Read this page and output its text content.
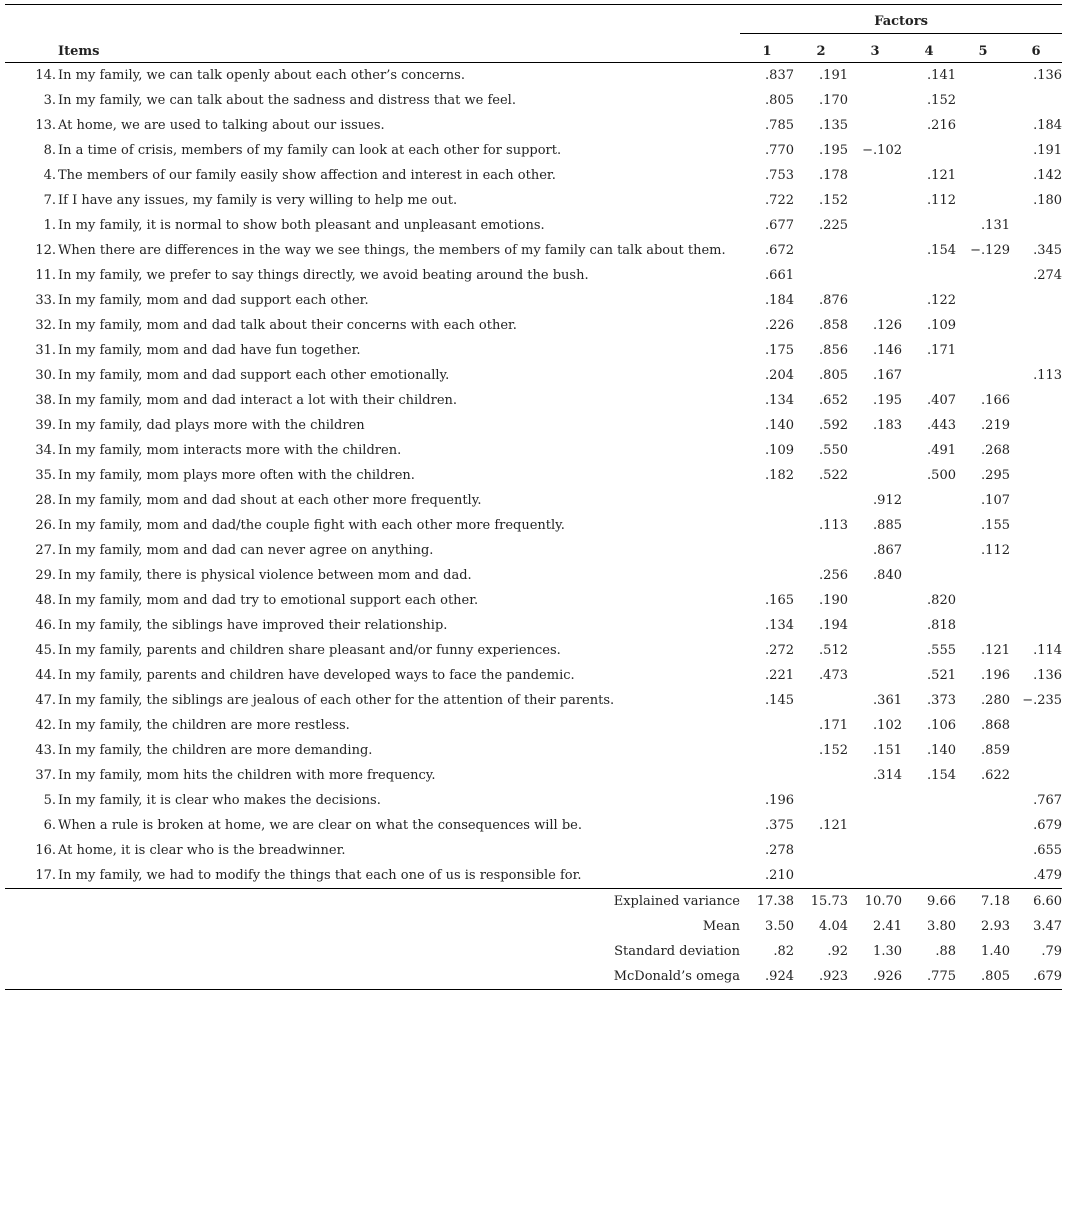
		Factors					
	Items	1	2	3	4	5	6
14.	In my family, we can talk openly about each other’s concerns.	.837	.191		.141		.136
3.	In my family, we can talk about the sadness and distress that we feel.	.805	.170		.152		
13.	At home, we are used to talking about our issues.	.785	.135		.216		.184
8.	In a time of crisis, members of my family can look at each other for support.	.770	.195	−.102			.191
4.	The members of our family easily show affection and interest in each other.	.753	.178		.121		.142
7.	If I have any issues, my family is very willing to help me out.	.722	.152		.112		.180
1.	In my family, it is normal to show both pleasant and unpleasant emotions.	.677	.225			.131	
12.	When there are differences in the way we see things, the members of my family can talk about them.	.672			.154	−.129	.345
11.	In my family, we prefer to say things directly, we avoid beating around the bush.	.661					.274
33.	In my family, mom and dad support each other.	.184	.876		.122		
32.	In my family, mom and dad talk about their concerns with each other.	.226	.858	.126	.109		
31.	In my family, mom and dad have fun together.	.175	.856	.146	.171		
30.	In my family, mom and dad support each other emotionally.	.204	.805	.167			.113
38.	In my family, mom and dad interact a lot with their children.	.134	.652	.195	.407	.166	
39.	In my family, dad plays more with the children	.140	.592	.183	.443	.219	
34.	In my family, mom interacts more with the children.	.109	.550		.491	.268	
35.	In my family, mom plays more often with the children.	.182	.522		.500	.295	
28.	In my family, mom and dad shout at each other more frequently.			.912		.107	
26.	In my family, mom and dad/the couple fight with each other more frequently.		.113	.885		.155	
27.	In my family, mom and dad can never agree on anything.			.867		.112	
29.	In my family, there is physical violence between mom and dad.		.256	.840			
48.	In my family, mom and dad try to emotional support each other.	.165	.190		.820		
46.	In my family, the siblings have improved their relationship.	.134	.194		.818		
45.	In my family, parents and children share pleasant and/or funny experiences.	.272	.512		.555	.121	.114
44.	In my family, parents and children have developed ways to face the pandemic.	.221	.473		.521	.196	.136
47.	In my family, the siblings are jealous of each other for the attention of their parents.	.145		.361	.373	.280	−.235
42.	In my family, the children are more restless.		.171	.102	.106	.868	
43.	In my family, the children are more demanding.		.152	.151	.140	.859	
37.	In my family, mom hits the children with more frequency.			.314	.154	.622	
5.	In my family, it is clear who makes the decisions.	.196					.767
6.	When a rule is broken at home, we are clear on what the consequences will be.	.375	.121				.679
16.	At home, it is clear who is the breadwinner.	.278					.655
17.	In my family, we had to modify the things that each one of us is responsible for.	.210					.479
	Explained variance	17.38	15.73	10.70	9.66	7.18	6.60
	Mean	3.50	4.04	2.41	3.80	2.93	3.47
	Standard deviation	.82	.92	1.30	.88	1.40	.79
	McDonald’s omega	.924	.923	.926	.775	.805	.679
